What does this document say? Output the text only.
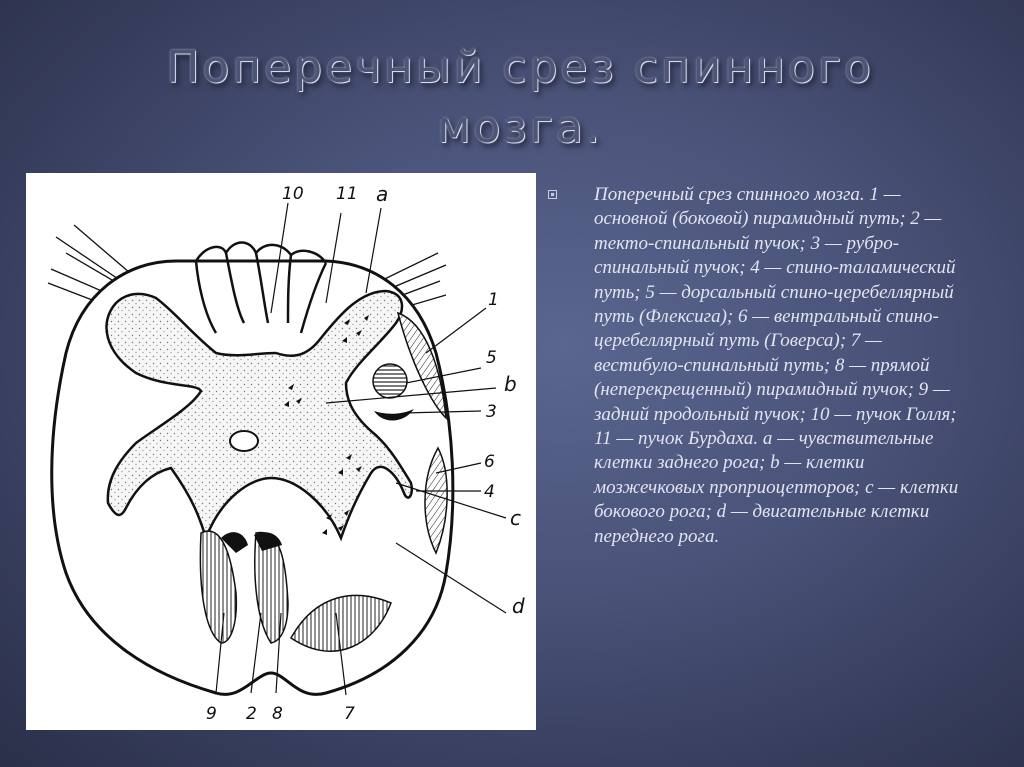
Поперечный срез спинного мозга.
10 11 a
1
5
b
3
6
4
c
d
9 2 8	7

Поперечный срез спинного мозга. 1 — основной (боковой) пирамидный путь; 2 — текто-спинальный пучок; 3 — рубро-спинальный пучок; 4 — спино-таламический путь; 5 — дорсальный спино-церебеллярный путь (Флексига); 6 — вентральный спино-церебеллярный путь (Говерса); 7 — вестибуло-спинальный путь; 8 — прямой (неперекрещенный) пирамидный пучок; 9 — задний продольный пучок; 10 — пучок Голля; 11 — пучок Бурдаха. а — чувствительные клетки заднего рога; b — клетки мозжечковых проприоцепторов; с — клетки бокового рога; d — двигательные клетки переднего рога.
